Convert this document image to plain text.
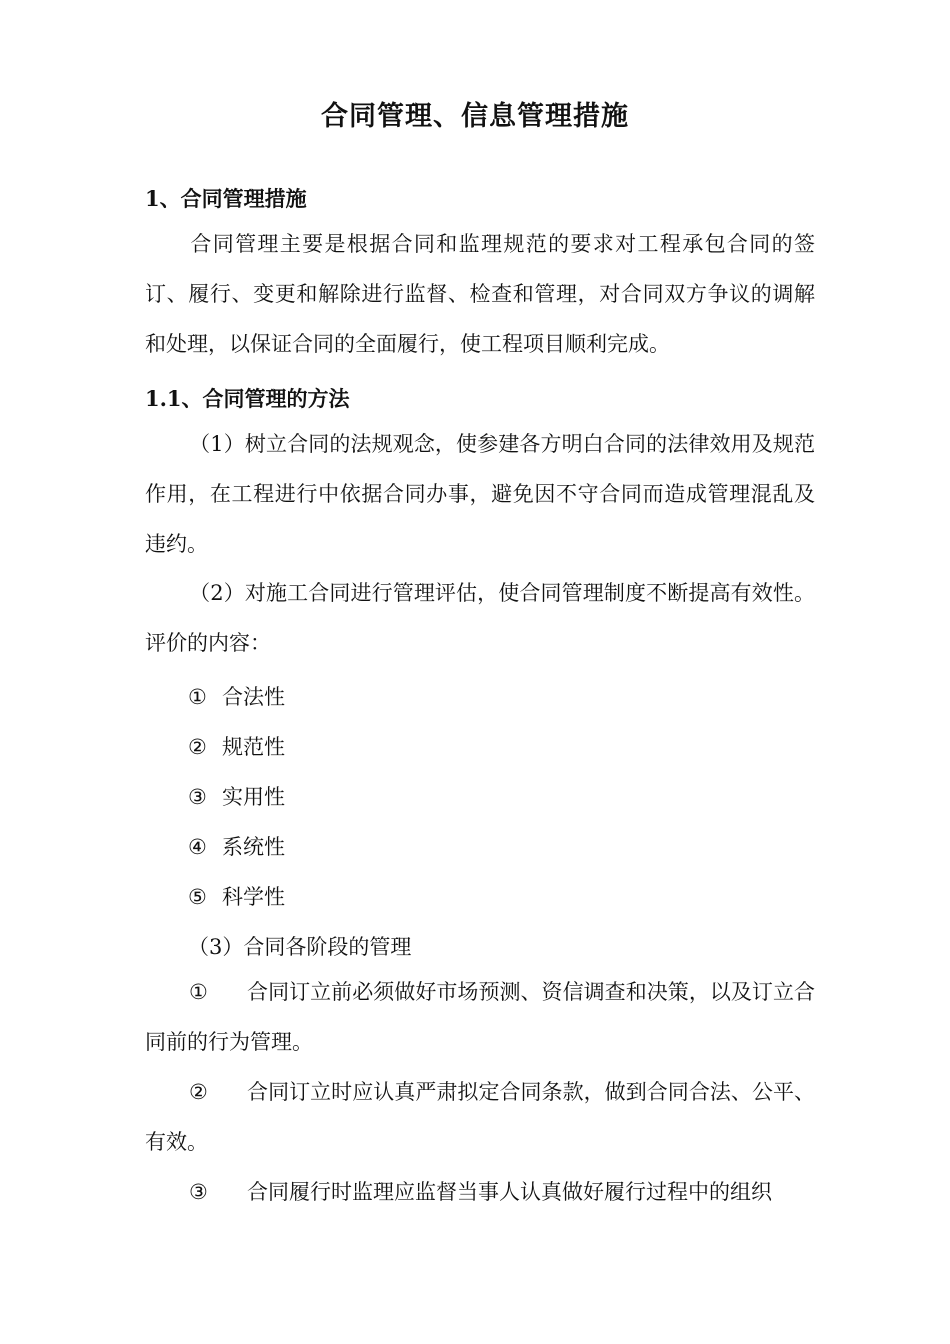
合同管理、信息管理措施
1、合同管理措施
合同管理主要是根据合同和监理规范的要求对工程承包合同的签订、履行、变更和解除进行监督、检查和管理，对合同双方争议的调解和处理，以保证合同的全面履行，使工程项目顺利完成。
1.1、合同管理的方法
（1）树立合同的法规观念，使参建各方明白合同的法律效用及规范作用，在工程进行中依据合同办事，避免因不守合同而造成管理混乱及违约。
（2）对施工合同进行管理评估，使合同管理制度不断提高有效性。评价的内容：
① 合法性
② 规范性
③ 实用性
④ 系统性
⑤ 科学性
（3）合同各阶段的管理
① 合同订立前必须做好市场预测、资信调查和决策，以及订立合同前的行为管理。
② 合同订立时应认真严肃拟定合同条款，做到合同合法、公平、有效。
③ 合同履行时监理应监督当事人认真做好履行过程中的组织
